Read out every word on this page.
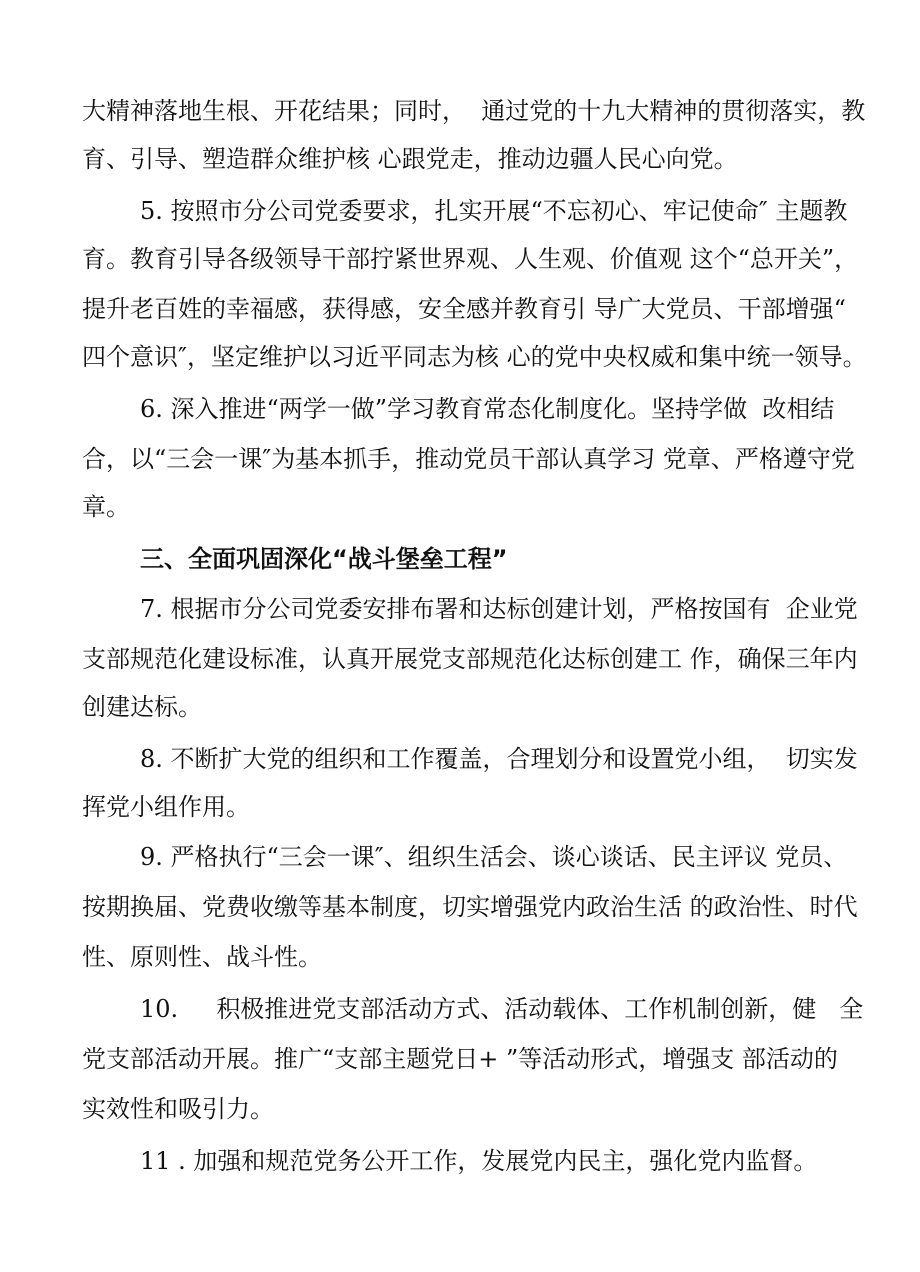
大精神落地生根、开花结果；同时，  通过党的十九大精神的贯彻落实，教
育、引导、塑造群众维护核 心跟党走，推动边疆人民心向党。
5. 按照市分公司党委要求，扎实开展“不忘初心、牢记使命″ 主题教
育。教育引导各级领导干部拧紧世界观、人生观、价值观 这个“总开关”，
提升老百姓的幸福感，获得感，安全感并教育引 导广大党员、干部增强“
四个意识″，坚定维护以习近平同志为核 心的党中央权威和集中统一领导。
6. 深入推进“两学一做”学习教育常态化制度化。坚持学做  改相结
合，以“三会一课″为基本抓手，推动党员干部认真学习 党章、严格遵守党
章。
三、全面巩固深化“战斗堡垒工程”
7. 根据市分公司党委安排布署和达标创建计划，严格按国有  企业党
支部规范化建设标准，认真开展党支部规范化达标创建工 作，确保三年内
创建达标。
8. 不断扩大党的组织和工作覆盖，合理划分和设置党小组，  切实发
挥党小组作用。
9. 严格执行“三会一课″、组织生活会、谈心谈话、民主评议 党员、
按期换届、党费收缴等基本制度，切实增强党内政治生活 的政治性、时代
性、原则性、战斗性。
10.     积极推进党支部活动方式、活动载体、工作机制创新，健   全
党支部活动开展。推广“支部主题党日+ ”等活动形式，增强支 部活动的
实效性和吸引力。
11 . 加强和规范党务公开工作，发展党内民主，强化党内监督。
